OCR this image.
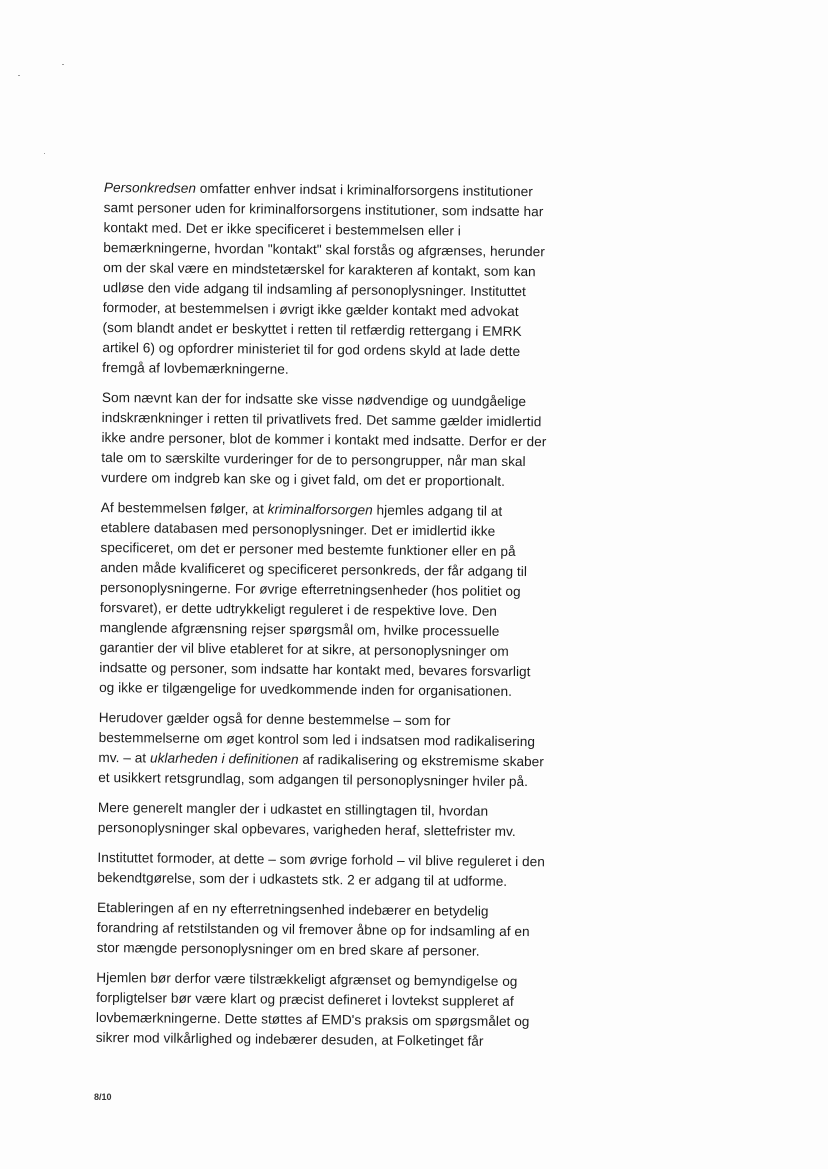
Personkredsen omfatter enhver indsat i kriminalforsorgens institutioner samt personer uden for kriminalforsorgens institutioner, som indsatte har kontakt med. Det er ikke specificeret i bestemmelsen eller i bemærkningerne, hvordan "kontakt" skal forstås og afgrænses, herunder om der skal være en mindstetærskel for karakteren af kontakt, som kan udløse den vide adgang til indsamling af personoplysninger. Instituttet formoder, at bestemmelsen i øvrigt ikke gælder kontakt med advokat (som blandt andet er beskyttet i retten til retfærdig rettergang i EMRK artikel 6) og opfordrer ministeriet til for god ordens skyld at lade dette fremgå af lovbemærkningerne.

Som nævnt kan der for indsatte ske visse nødvendige og uundgåelige indskrænkninger i retten til privatlivets fred. Det samme gælder imidlertid ikke andre personer, blot de kommer i kontakt med indsatte. Derfor er der tale om to særskilte vurderinger for de to persongrupper, når man skal vurdere om indgreb kan ske og i givet fald, om det er proportionalt.

Af bestemmelsen følger, at kriminalforsorgen hjemles adgang til at etablere databasen med personoplysninger. Det er imidlertid ikke specificeret, om det er personer med bestemte funktioner eller en på anden måde kvalificeret og specificeret personkreds, der får adgang til personoplysningerne. For øvrige efterretningsenheder (hos politiet og forsvaret), er dette udtrykkeligt reguleret i de respektive love. Den manglende afgrænsning rejser spørgsmål om, hvilke processuelle garantier der vil blive etableret for at sikre, at personoplysninger om indsatte og personer, som indsatte har kontakt med, bevares forsvarligt og ikke er tilgængelige for uvedkommende inden for organisationen.

Herudover gælder også for denne bestemmelse – som for bestemmelserne om øget kontrol som led i indsatsen mod radikalisering mv. – at uklarheden i definitionen af radikalisering og ekstremisme skaber et usikkert retsgrundlag, som adgangen til personoplysninger hviler på.

Mere generelt mangler der i udkastet en stillingtagen til, hvordan personoplysninger skal opbevares, varigheden heraf, slettefrister mv.

Instituttet formoder, at dette – som øvrige forhold – vil blive reguleret i den bekendtgørelse, som der i udkastets stk. 2 er adgang til at udforme.

Etableringen af en ny efterretningsenhed indebærer en betydelig forandring af retstilstanden og vil fremover åbne op for indsamling af en stor mængde personoplysninger om en bred skare af personer.

Hjemlen bør derfor være tilstrækkeligt afgrænset og bemyndigelse og forpligtelser bør være klart og præcist defineret i lovtekst suppleret af lovbemærkningerne. Dette støttes af EMD's praksis om spørgsmålet og sikrer mod vilkårlighed og indebærer desuden, at Folketinget får

8/10
